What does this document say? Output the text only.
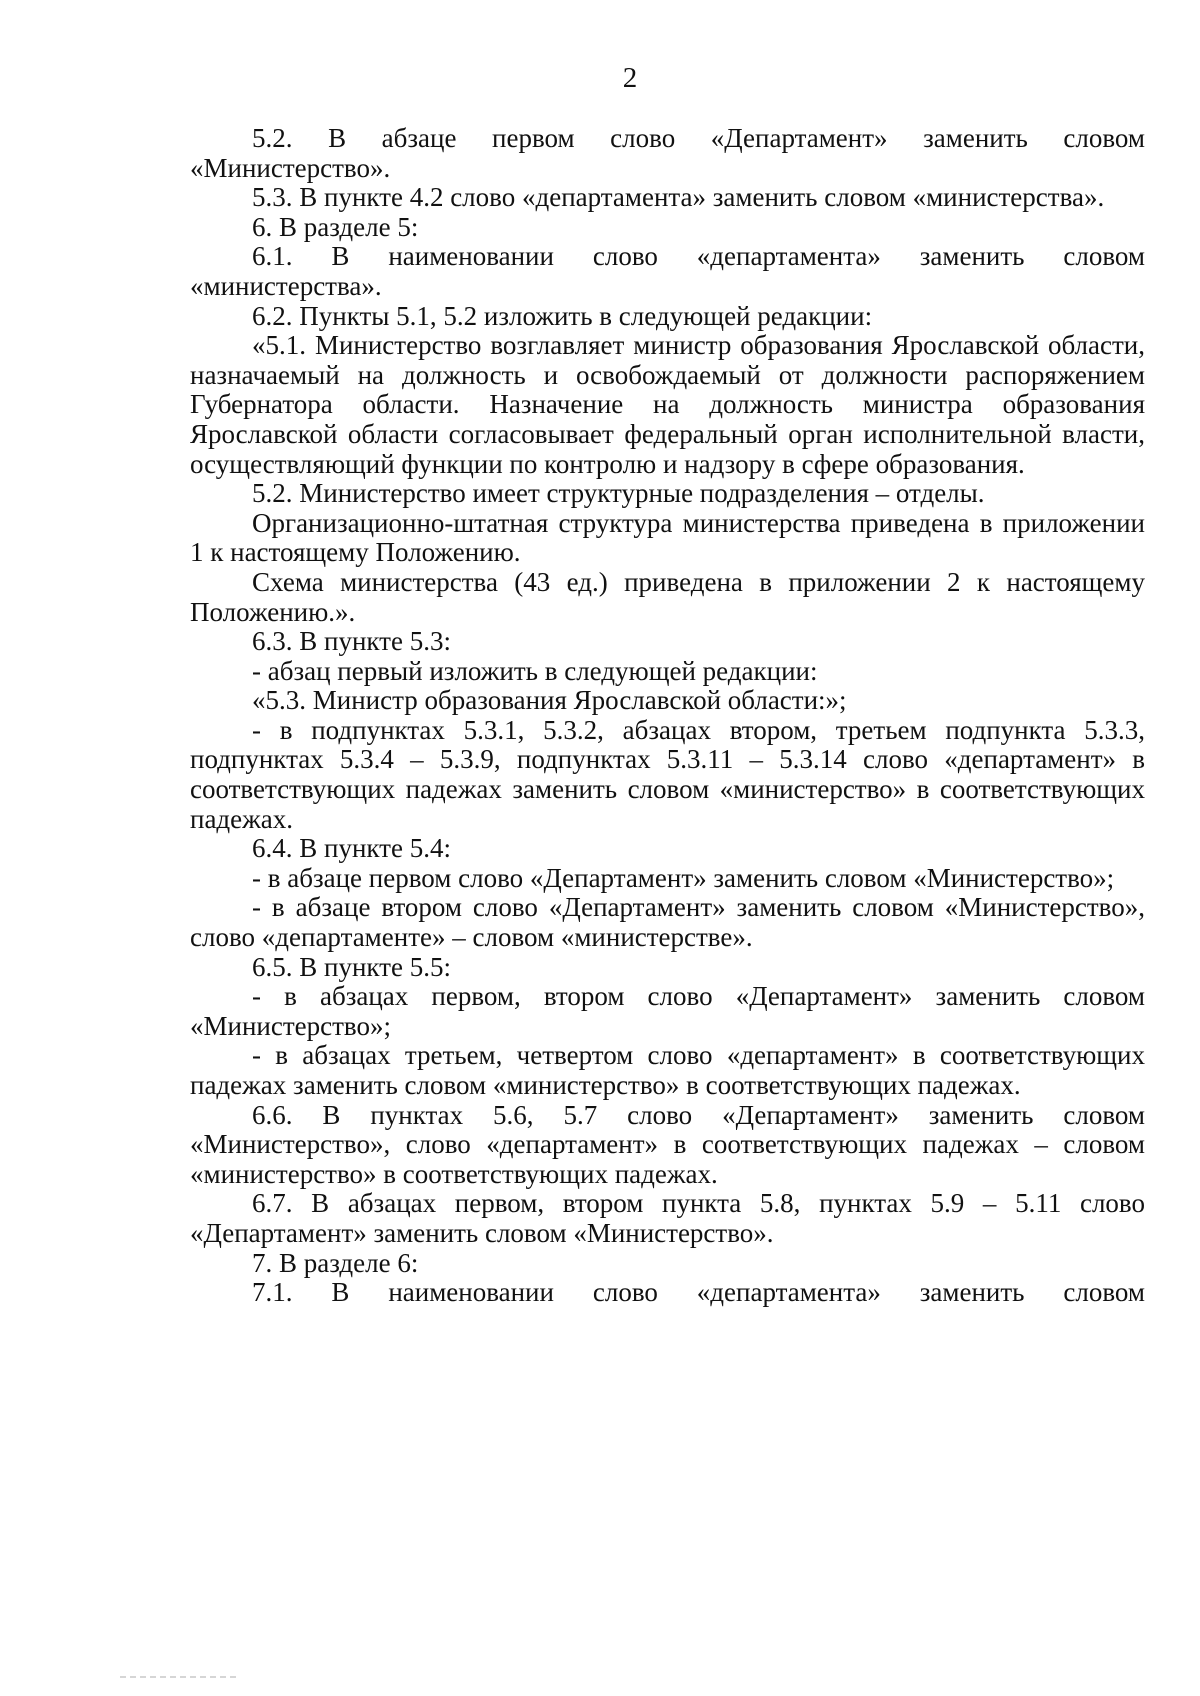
2

5.2. В абзаце первом слово «Департамент» заменить словом «Министерство».

5.3. В пункте 4.2 слово «департамента» заменить словом «министерства».

6. В разделе 5:

6.1. В наименовании слово «департамента» заменить словом «министерства».

6.2. Пункты 5.1, 5.2 изложить в следующей редакции:

«5.1. Министерство возглавляет министр образования Ярославской области, назначаемый на должность и освобождаемый от должности распоряжением Губернатора области. Назначение на должность министра образования Ярославской области согласовывает федеральный орган исполнительной власти, осуществляющий функции по контролю и надзору в сфере образования.

5.2. Министерство имеет структурные подразделения – отделы.

Организационно-штатная структура министерства приведена в приложении 1 к настоящему Положению.

Схема министерства (43 ед.) приведена в приложении 2 к настоящему Положению.».

6.3. В пункте 5.3:

- абзац первый изложить в следующей редакции:

«5.3. Министр образования Ярославской области:»;

- в подпунктах 5.3.1, 5.3.2, абзацах втором, третьем подпункта 5.3.3, подпунктах 5.3.4 – 5.3.9, подпунктах 5.3.11 – 5.3.14 слово «департамент» в соответствующих падежах заменить словом «министерство» в соответствующих падежах.

6.4. В пункте 5.4:

- в абзаце первом слово «Департамент» заменить словом «Министерство»;

- в абзаце втором слово «Департамент» заменить словом «Министерство», слово «департаменте» – словом «министерстве».

6.5. В пункте 5.5:

- в абзацах первом, втором слово «Департамент» заменить словом «Министерство»;

- в абзацах третьем, четвертом слово «департамент» в соответствующих падежах заменить словом «министерство» в соответствующих падежах.

6.6. В пунктах 5.6, 5.7 слово «Департамент» заменить словом «Министерство», слово «департамент» в соответствующих падежах – словом «министерство» в соответствующих падежах.

6.7. В абзацах первом, втором пункта 5.8, пунктах 5.9 – 5.11 слово «Департамент» заменить словом «Министерство».

7. В разделе 6:

7.1. В наименовании слово «департамента» заменить словом
